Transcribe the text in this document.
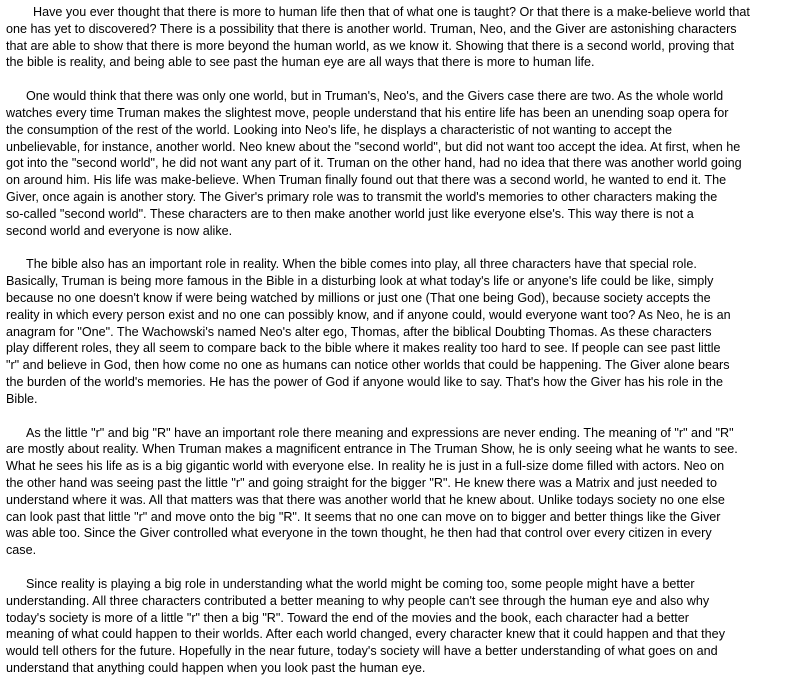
Have you ever thought that there is more to human life then that of what one is taught? Or that there is a make-believe world that
one has yet to discovered? There is a possibility that there is another world. Truman, Neo, and the Giver are astonishing characters
that are able to show that there is more beyond the human world, as we know it. Showing that there is a second world, proving that
the bible is reality, and being able to see past the human eye are all ways that there is more to human life.

One would think that there was only one world, but in Truman's, Neo's, and the Givers case there are two. As the whole world
watches every time Truman makes the slightest move, people understand that his entire life has been an unending soap opera for
the consumption of the rest of the world. Looking into Neo's life, he displays a characteristic of not wanting to accept the
unbelievable, for instance, another world. Neo knew about the "second world", but did not want too accept the idea. At first, when he
got into the "second world", he did not want any part of it. Truman on the other hand, had no idea that there was another world going
on around him. His life was make-believe. When Truman finally found out that there was a second world, he wanted to end it. The
Giver, once again is another story. The Giver's primary role was to transmit the world's memories to other characters making the
so-called "second world". These characters are to then make another world just like everyone else's. This way there is not a
second world and everyone is now alike.

The bible also has an important role in reality. When the bible comes into play, all three characters have that special role.
Basically, Truman is being more famous in the Bible in a disturbing look at what today's life or anyone's life could be like, simply
because no one doesn't know if were being watched by millions or just one (That one being God), because society accepts the
reality in which every person exist and no one can possibly know, and if anyone could, would everyone want too? As Neo, he is an
anagram for "One". The Wachowski's named Neo's alter ego, Thomas, after the biblical Doubting Thomas. As these characters
play different roles, they all seem to compare back to the bible where it makes reality too hard to see. If people can see past little
"r" and believe in God, then how come no one as humans can notice other worlds that could be happening. The Giver alone bears
the burden of the world's memories. He has the power of God if anyone would like to say. That's how the Giver has his role in the
Bible.

As the little "r" and big "R" have an important role there meaning and expressions are never ending. The meaning of "r" and "R"
are mostly about reality. When Truman makes a magnificent entrance in The Truman Show, he is only seeing what he wants to see.
What he sees his life as is a big gigantic world with everyone else. In reality he is just in a full-size dome filled with actors. Neo on
the other hand was seeing past the little "r" and going straight for the bigger "R". He knew there was a Matrix and just needed to
understand where it was. All that matters was that there was another world that he knew about. Unlike todays society no one else
can look past that little "r" and move onto the big "R". It seems that no one can move on to bigger and better things like the Giver
was able too. Since the Giver controlled what everyone in the town thought, he then had that control over every citizen in every
case.

Since reality is playing a big role in understanding what the world might be coming too, some people might have a better
understanding. All three characters contributed a better meaning to why people can't see through the human eye and also why
today's society is more of a little "r" then a big "R". Toward the end of the movies and the book, each character had a better
meaning of what could happen to their worlds. After each world changed, every character knew that it could happen and that they
would tell others for the future. Hopefully in the near future, today's society will have a better understanding of what goes on and
understand that anything could happen when you look past the human eye.
